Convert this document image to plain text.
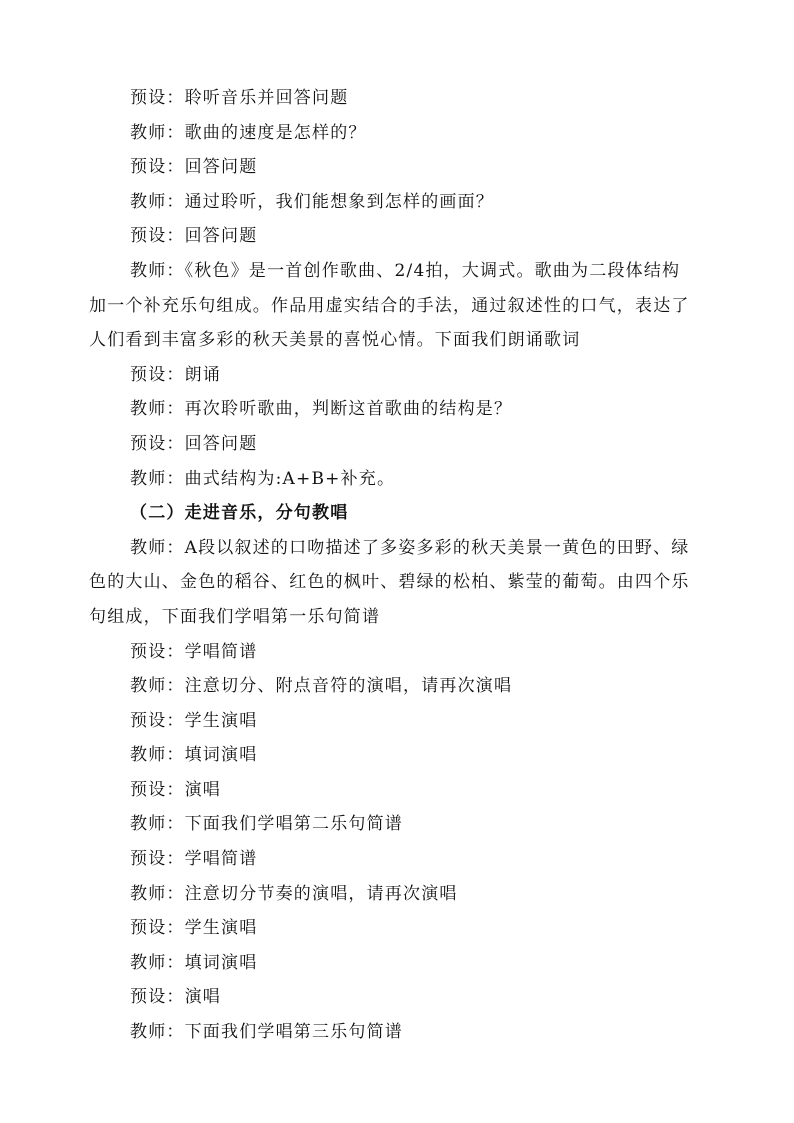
预设：聆听音乐并回答问题
教师：歌曲的速度是怎样的？
预设：回答问题
教师：通过聆听，我们能想象到怎样的画面？
预设：回答问题
教师：《秋色》是一首创作歌曲、2/4拍，大调式。歌曲为二段体结构
加一个补充乐句组成。作品用虚实结合的手法，通过叙述性的口气，表达了
人们看到丰富多彩的秋天美景的喜悦心情。下面我们朗诵歌词
预设：朗诵
教师：再次聆听歌曲，判断这首歌曲的结构是？
预设：回答问题
教师：曲式结构为:A+B+补充。
（二）走进音乐，分句教唱
教师：A段以叙述的口吻描述了多姿多彩的秋天美景一黄色的田野、绿
色的大山、金色的稻谷、红色的枫叶、碧绿的松柏、紫莹的葡萄。由四个乐
句组成，下面我们学唱第一乐句简谱
预设：学唱简谱
教师：注意切分、附点音符的演唱，请再次演唱
预设：学生演唱
教师：填词演唱
预设：演唱
教师：下面我们学唱第二乐句简谱
预设：学唱简谱
教师：注意切分节奏的演唱，请再次演唱
预设：学生演唱
教师：填词演唱
预设：演唱
教师：下面我们学唱第三乐句简谱
